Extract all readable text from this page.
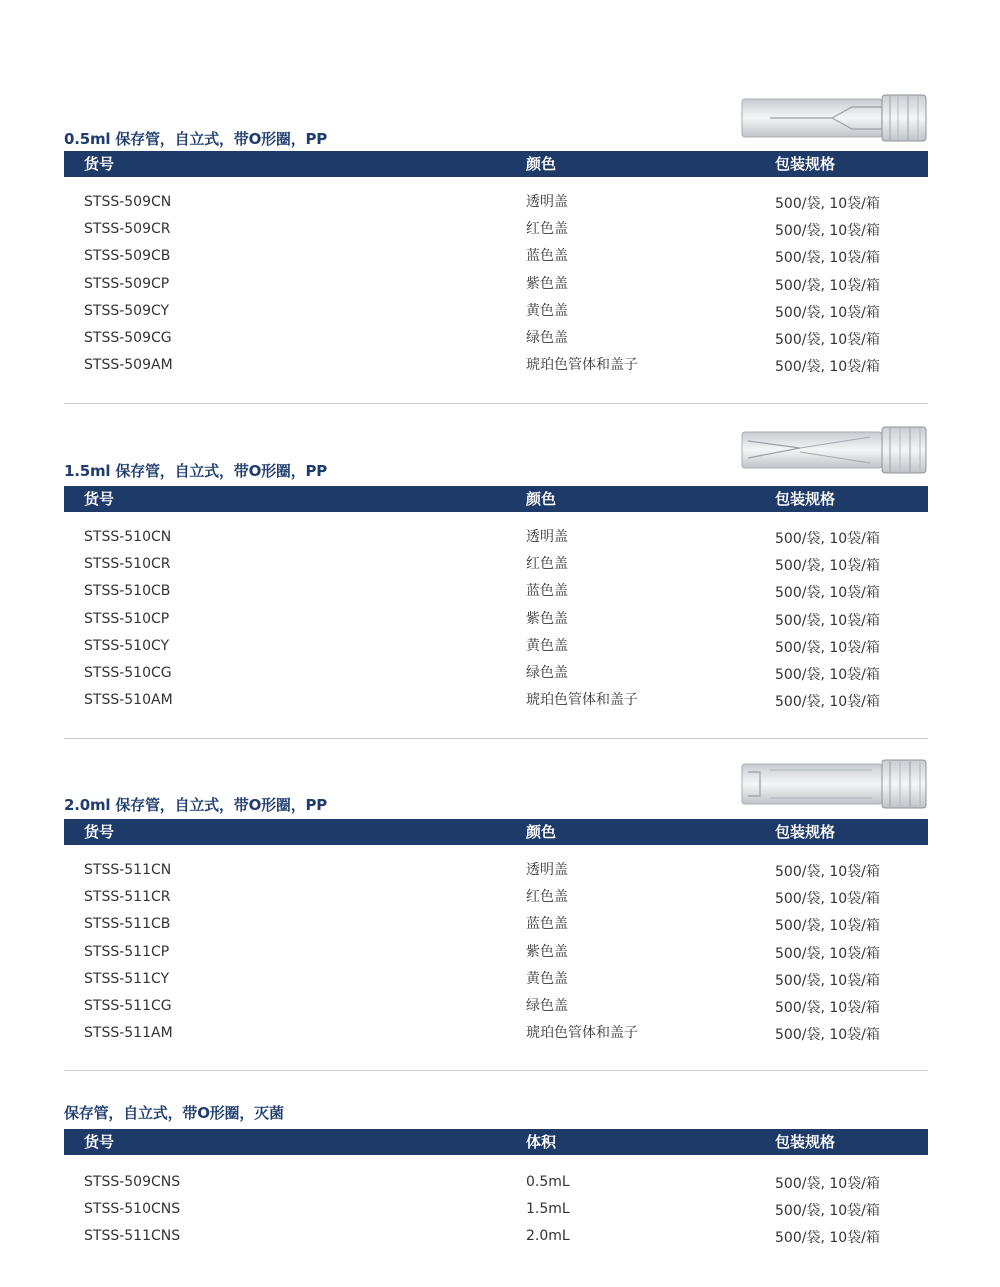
0.5ml 保存管，自立式，带O形圈，PP
货号	颜色	包装规格
STSS-509CN	透明盖	500/袋, 10袋/箱
STSS-509CR	红色盖	500/袋, 10袋/箱
STSS-509CB	蓝色盖	500/袋, 10袋/箱
STSS-509CP	紫色盖	500/袋, 10袋/箱
STSS-509CY	黄色盖	500/袋, 10袋/箱
STSS-509CG	绿色盖	500/袋, 10袋/箱
STSS-509AM	琥珀色管体和盖子	500/袋, 10袋/箱
1.5ml 保存管，自立式，带O形圈，PP
货号	颜色	包装规格
STSS-510CN	透明盖	500/袋, 10袋/箱
STSS-510CR	红色盖	500/袋, 10袋/箱
STSS-510CB	蓝色盖	500/袋, 10袋/箱
STSS-510CP	紫色盖	500/袋, 10袋/箱
STSS-510CY	黄色盖	500/袋, 10袋/箱
STSS-510CG	绿色盖	500/袋, 10袋/箱
STSS-510AM	琥珀色管体和盖子	500/袋, 10袋/箱
2.0ml 保存管，自立式，带O形圈，PP
货号	颜色	包装规格
STSS-511CN	透明盖	500/袋, 10袋/箱
STSS-511CR	红色盖	500/袋, 10袋/箱
STSS-511CB	蓝色盖	500/袋, 10袋/箱
STSS-511CP	紫色盖	500/袋, 10袋/箱
STSS-511CY	黄色盖	500/袋, 10袋/箱
STSS-511CG	绿色盖	500/袋, 10袋/箱
STSS-511AM	琥珀色管体和盖子	500/袋, 10袋/箱
保存管，自立式，带O形圈，灭菌
货号	体积	包装规格
STSS-509CNS	0.5mL	500/袋, 10袋/箱
STSS-510CNS	1.5mL	500/袋, 10袋/箱
STSS-511CNS	2.0mL	500/袋, 10袋/箱
